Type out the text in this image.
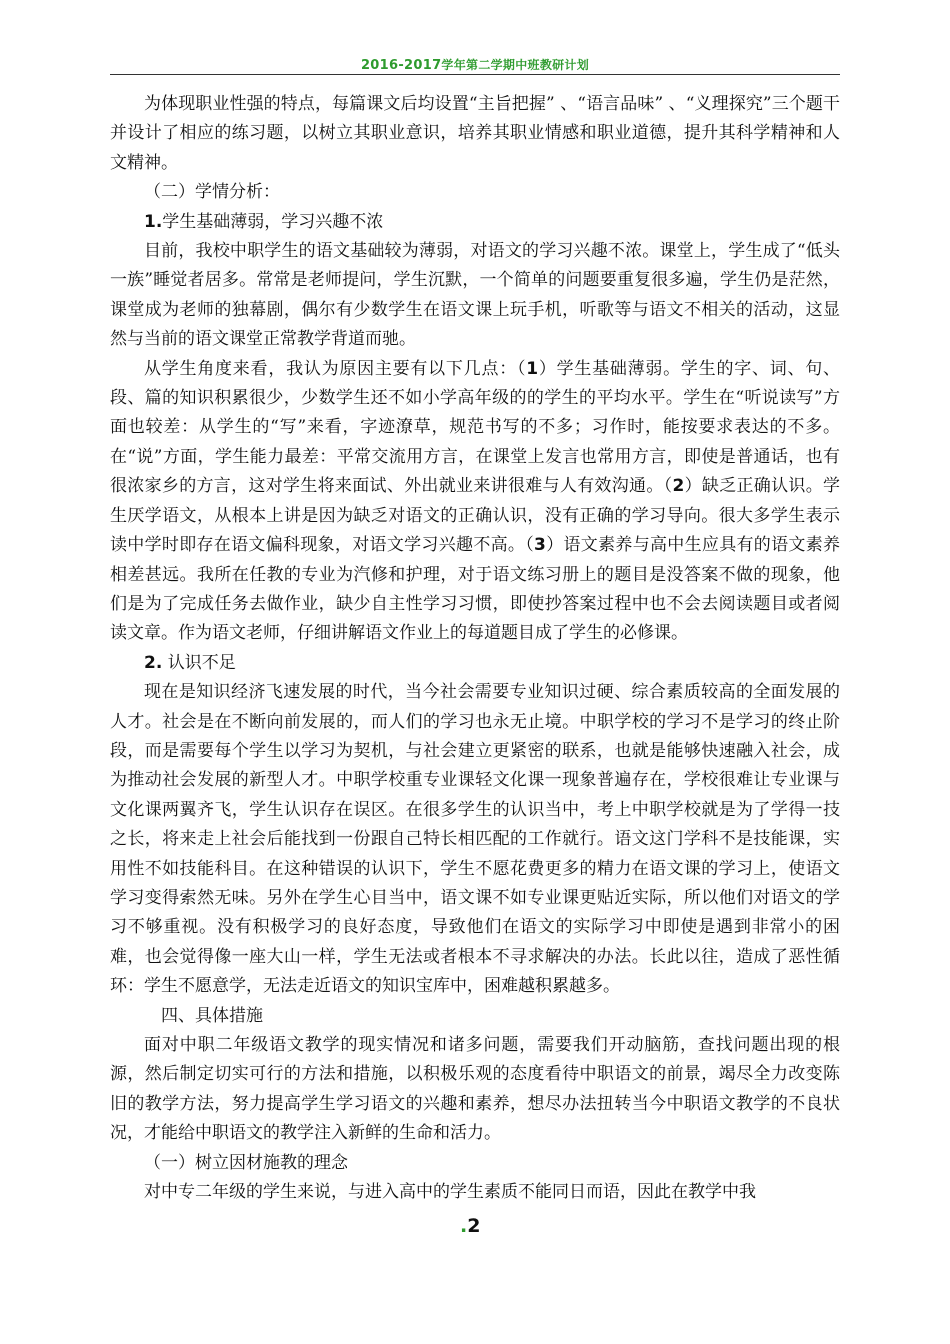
2016-2017学年第二学期中班教研计划

为体现职业性强的特点，每篇课文后均设置“主旨把握” 、“语言品味” 、“义理探究”三个题干并设计了相应的练习题，以树立其职业意识，培养其职业情感和职业道德，提升其科学精神和人文精神。

（二）学情分析：

1.学生基础薄弱，学习兴趣不浓

目前，我校中职学生的语文基础较为薄弱，对语文的学习兴趣不浓。课堂上，学生成了“低头一族”睡觉者居多。常常是老师提问，学生沉默，一个简单的问题要重复很多遍，学生仍是茫然，课堂成为老师的独幕剧，偶尔有少数学生在语文课上玩手机，听歌等与语文不相关的活动，这显然与当前的语文课堂正常教学背道而驰。

从学生角度来看，我认为原因主要有以下几点：（1）学生基础薄弱。学生的字、词、句、段、篇的知识积累很少，少数学生还不如小学高年级的的学生的平均水平。学生在“听说读写”方面也较差：从学生的“写”来看，字迹潦草，规范书写的不多；习作时，能按要求表达的不多。在“说”方面，学生能力最差：平常交流用方言，在课堂上发言也常用方言，即使是普通话，也有很浓家乡的方言，这对学生将来面试、外出就业来讲很难与人有效沟通。（2）缺乏正确认识。学生厌学语文，从根本上讲是因为缺乏对语文的正确认识，没有正确的学习导向。很大多学生表示读中学时即存在语文偏科现象，对语文学习兴趣不高。（3）语文素养与高中生应具有的语文素养相差甚远。我所在任教的专业为汽修和护理，对于语文练习册上的题目是没答案不做的现象，他们是为了完成任务去做作业，缺少自主性学习习惯，即使抄答案过程中也不会去阅读题目或者阅读文章。作为语文老师，仔细讲解语文作业上的每道题目成了学生的必修课。

2. 认识不足

现在是知识经济飞速发展的时代，当今社会需要专业知识过硬、综合素质较高的全面发展的人才。社会是在不断向前发展的，而人们的学习也永无止境。中职学校的学习不是学习的终止阶段，而是需要每个学生以学习为契机，与社会建立更紧密的联系，也就是能够快速融入社会，成为推动社会发展的新型人才。中职学校重专业课轻文化课一现象普遍存在，学校很难让专业课与文化课两翼齐飞，学生认识存在误区。在很多学生的认识当中，考上中职学校就是为了学得一技之长，将来走上社会后能找到一份跟自己特长相匹配的工作就行。语文这门学科不是技能课，实用性不如技能科目。在这种错误的认识下，学生不愿花费更多的精力在语文课的学习上，使语文学习变得索然无味。另外在学生心目当中，语文课不如专业课更贴近实际，所以他们对语文的学习不够重视。没有积极学习的良好态度，导致他们在语文的实际学习中即使是遇到非常小的困难，也会觉得像一座大山一样，学生无法或者根本不寻求解决的办法。长此以往，造成了恶性循环：学生不愿意学，无法走近语文的知识宝库中，困难越积累越多。

四、具体措施

面对中职二年级语文教学的现实情况和诸多问题，需要我们开动脑筋，查找问题出现的根源，然后制定切实可行的方法和措施，以积极乐观的态度看待中职语文的前景，竭尽全力改变陈旧的教学方法，努力提高学生学习语文的兴趣和素养，想尽办法扭转当今中职语文教学的不良状况，才能给中职语文的教学注入新鲜的生命和活力。

（一）树立因材施教的理念

对中专二年级的学生来说，与进入高中的学生素质不能同日而语，因此在教学中我

.2
